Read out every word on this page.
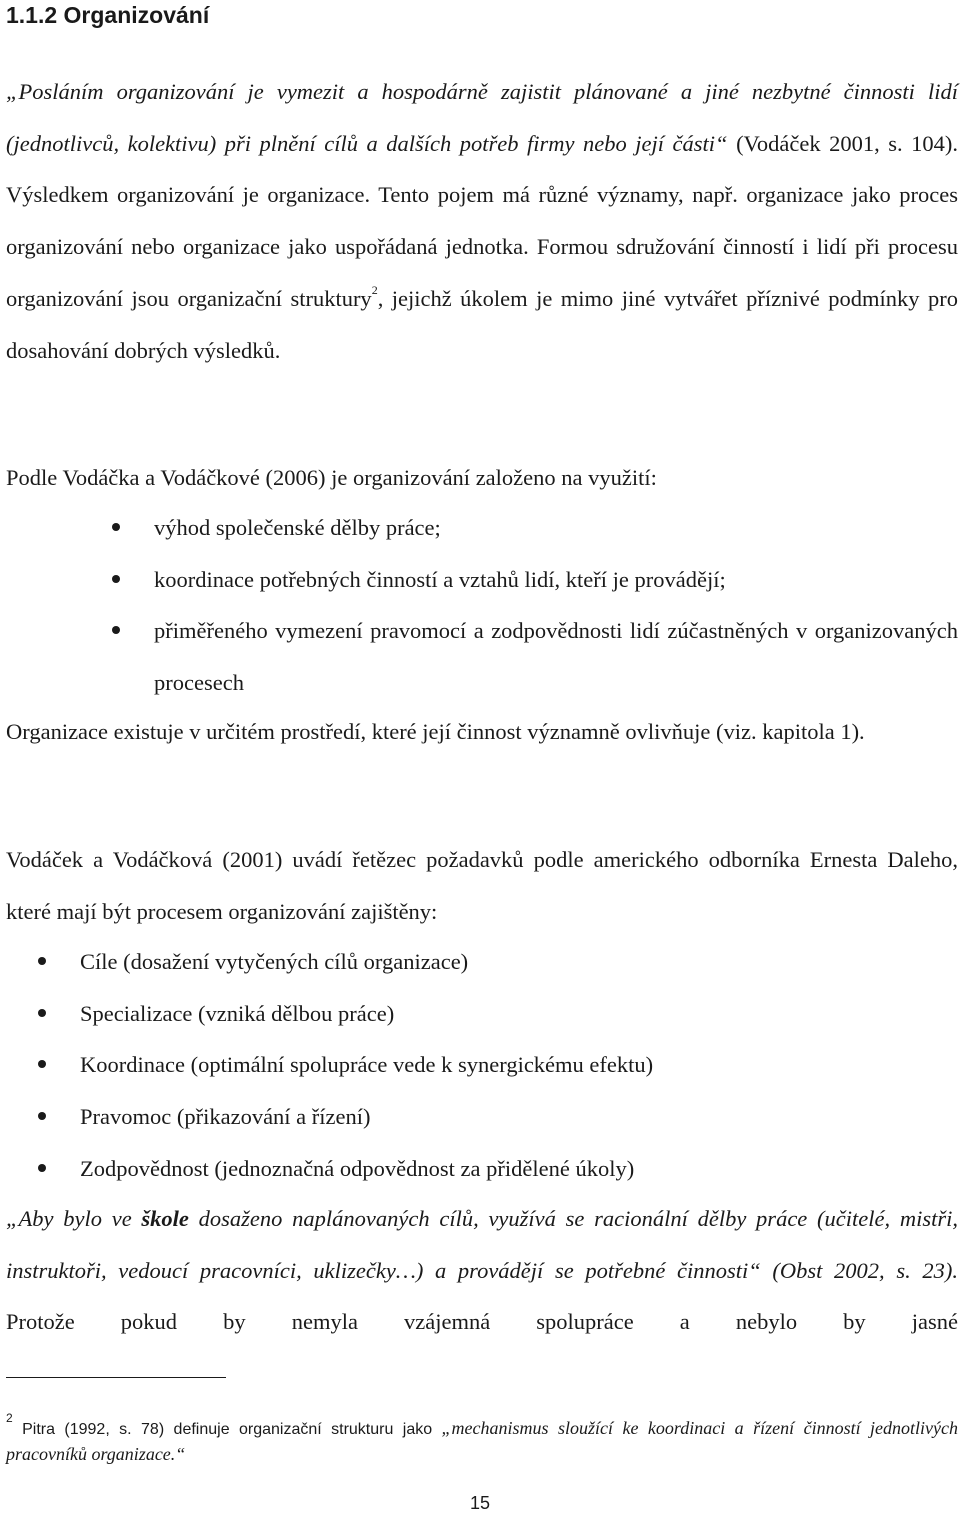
1.1.2 Organizování
„Posláním organizování je vymezit a hospodárně zajistit plánované a jiné nezbytné činnosti lidí (jednotlivců, kolektivu) při plnění cílů a dalších potřeb firmy nebo její části“ (Vodáček 2001, s. 104). Výsledkem organizování je organizace. Tento pojem má různé významy, např. organizace jako proces organizování nebo organizace jako uspořádaná jednotka. Formou sdružování činností i lidí při procesu organizování jsou organizační struktury$^2$, jejichž úkolem je mimo jiné vytvářet příznivé podmínky pro dosahování dobrých výsledků.
Podle Vodáčka a Vodáčkové (2006) je organizování založeno na využití:
výhod společenské dělby práce;
koordinace potřebných činností a vztahů lidí, kteří je provádějí;
přiměřeného vymezení pravomocí a zodpovědnosti lidí zúčastněných v organizovaných procesech
Organizace existuje v určitém prostředí, které její činnost významně ovlivňuje (viz. kapitola 1).
Vodáček a Vodáčková (2001) uvádí řetězec požadavků podle amerického odborníka Ernesta Daleho, které mají být procesem organizování zajištěny:
Cíle (dosažení vytyčených cílů organizace)
Specializace (vzniká dělbou práce)
Koordinace (optimální spolupráce vede k synergickému efektu)
Pravomoc (přikazování a řízení)
Zodpovědnost (jednoznačná odpovědnost za přidělené úkoly)
„Aby bylo ve škole dosaženo naplánovaných cílů, využívá se racionální dělby práce (učitelé, mistři, instruktoři, vedoucí pracovníci, uklizečky…) a provádějí se potřebné činnosti“ (Obst 2002, s. 23). Protože pokud by nemyla vzájemná spolupráce a nebylo by jasné
$^2$ Pitra (1992, s. 78) definuje organizační strukturu jako „mechanismus sloužící ke koordinaci a řízení činností jednotlivých pracovníků organizace.“
15
